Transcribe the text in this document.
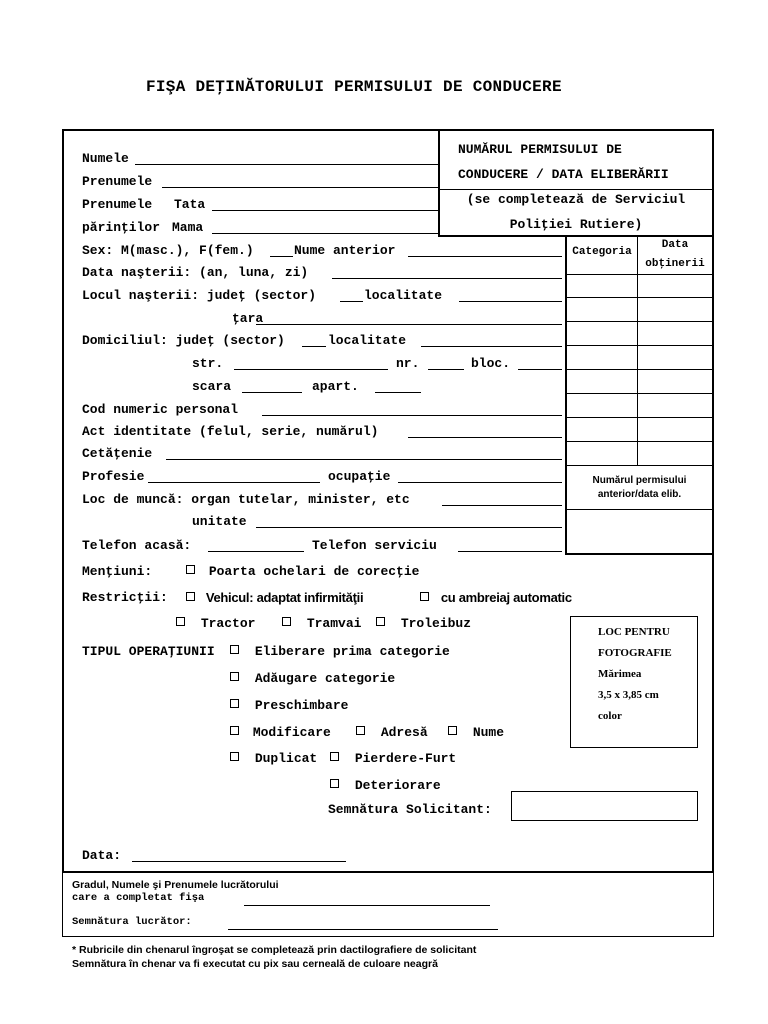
FIŞA DEŢINĂTORULUI PERMISULUI DE CONDUCERE
NUMĂRUL PERMISULUI DE
CONDUCERE / DATA ELIBERĂRII
(se completează de Serviciul
Poliţiei Rutiere)
Categoria
Data
obţinerii
Numărul permisului
anterior/data elib.
Numele
Prenumele
Prenumele Tata
părinţilor Mama
Sex: M(masc.), F(fem.)	Nume anterior
Data naşterii: (an, luna, zi)
Locul naşterii: judeţ (sector)	localitate
ţara
Domiciliul: judeţ (sector)	localitate
str.	nr.	bloc.
scara	apart.
Cod numeric personal
Act identitate (felul, serie, numărul)
Cetăţenie
Profesie	ocupaţie
Loc de muncă: organ tutelar, minister, etc
unitate
Telefon acasă:	Telefon serviciu
Menţiuni:	Poarta ochelari de corecţie
Restricţii:	Vehicul: adaptat infirmităţii	cu ambreiaj automatic
Tractor	Tramvai	Troleibuz
LOC PENTRU
FOTOGRAFIE
Mărimea
3,5 x 3,85 cm
color
TIPUL OPERAŢIUNII	Eliberare prima categorie
Adăugare categorie
Preschimbare
Modificare	Adresă	Nume
Duplicat	Pierdere-Furt
Deteriorare
Semnătura Solicitant:
Data:
Gradul, Numele şi Prenumele lucrătorului
care a completat fişa
Semnătura lucrător:
* Rubricile din chenarul îngroşat se completează prin dactilografiere de solicitant
Semnătura în chenar va fi executat cu pix sau cerneală de culoare neagră
